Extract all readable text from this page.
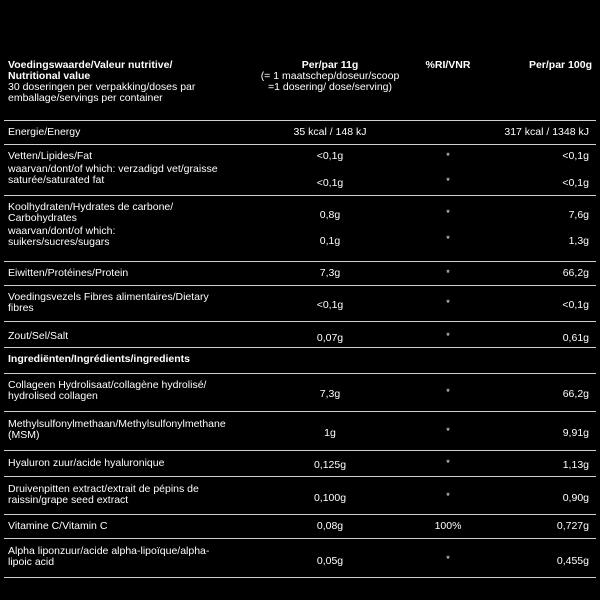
Voedingswaarde/Valeur nutritive/
Nutritional value
30 doseringen per verpakking/doses par
emballage/servings per container
Per/par 11g
(= 1 maatschep/doseur/scoop
=1 dosering/ dose/serving)
%RI/VNR	Per/par 100g
Energie/Energy	35 kcal / 148 kJ	317 kcal / 1348 kJ
Vetten/Lipides/Fat	<0,1g	*	<0,1g
waarvan/dont/of which: verzadigd vet/graisse
saturée/saturated fat	<0,1g	*	<0,1g
Koolhydraten/Hydrates de carbone/
Carbohydrates	0,8g	*	7,6g
waarvan/dont/of which:
suikers/sucres/sugars	0,1g	*	1,3g
Eiwitten/Protéines/Protein	7,3g	*	66,2g
Voedingsvezels Fibres alimentaires/Dietary
fibres	<0,1g	*	<0,1g
Zout/Sel/Salt	0,07g	*	0,61g
Ingrediënten/Ingrédients/ingredients
Collageen Hydrolisaat/collagène hydrolisé/
hydrolised collagen	7,3g	*	66,2g
Methylsulfonylmethaan/Methylsulfonylmethane
(MSM)	1g	*	9,91g
Hyaluron zuur/acide hyaluronique	0,125g	*	1,13g
Druivenpitten extract/extrait de pépins de
raissin/grape seed extract	0,100g	*	0,90g
Vitamine C/Vitamin C	0,08g	100%	0,727g
Alpha liponzuur/acide alpha-lipoïque/alpha-
lipoic acid	0,05g	*	0,455g
